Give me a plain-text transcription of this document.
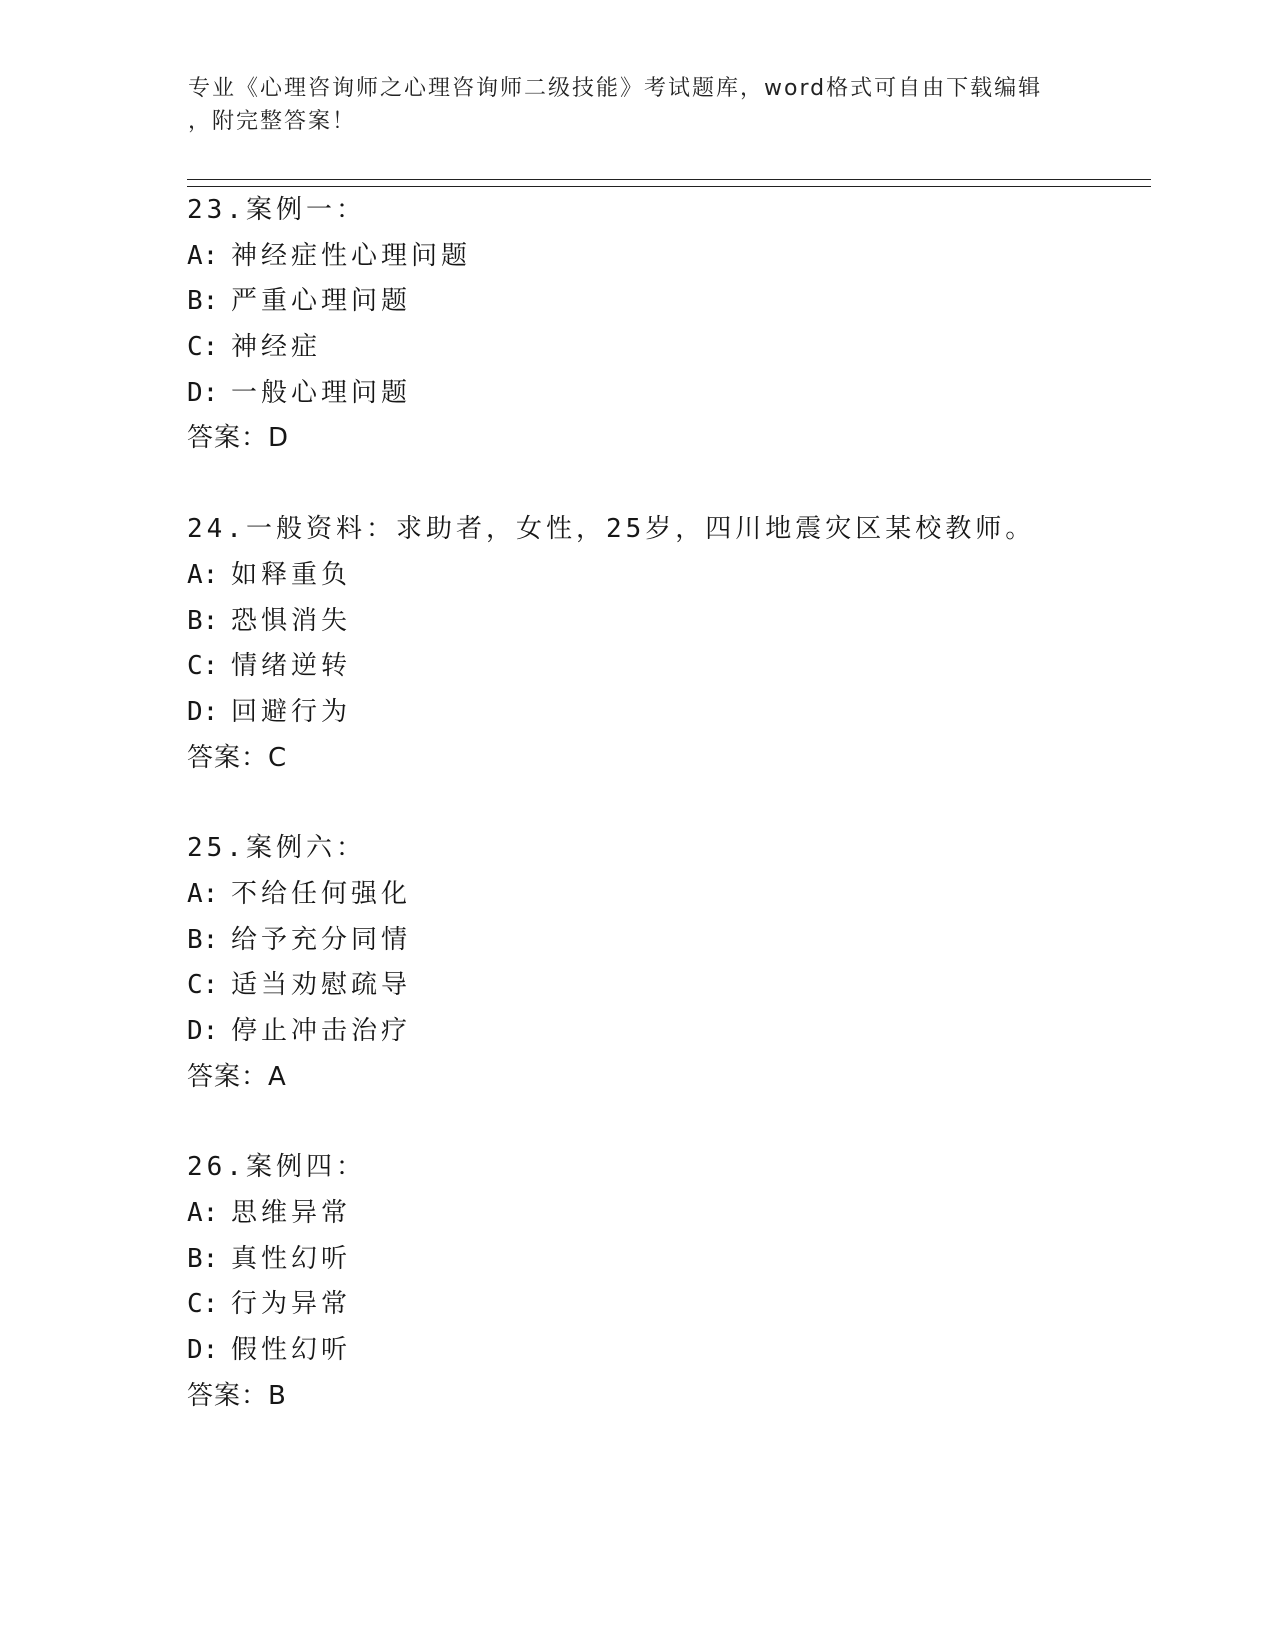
专业《心理咨询师之心理咨询师二级技能》考试题库，word格式可自由下载编辑
，附完整答案！
23.案例一：
A: 神经症性心理问题
B: 严重心理问题
C: 神经症
D: 一般心理问题
答案：D
24.一般资料：求助者，女性，25岁，四川地震灾区某校教师。
A: 如释重负
B: 恐惧消失
C: 情绪逆转
D: 回避行为
答案：C
25.案例六：
A: 不给任何强化
B: 给予充分同情
C: 适当劝慰疏导
D: 停止冲击治疗
答案：A
26.案例四：
A: 思维异常
B: 真性幻听
C: 行为异常
D: 假性幻听
答案：B
